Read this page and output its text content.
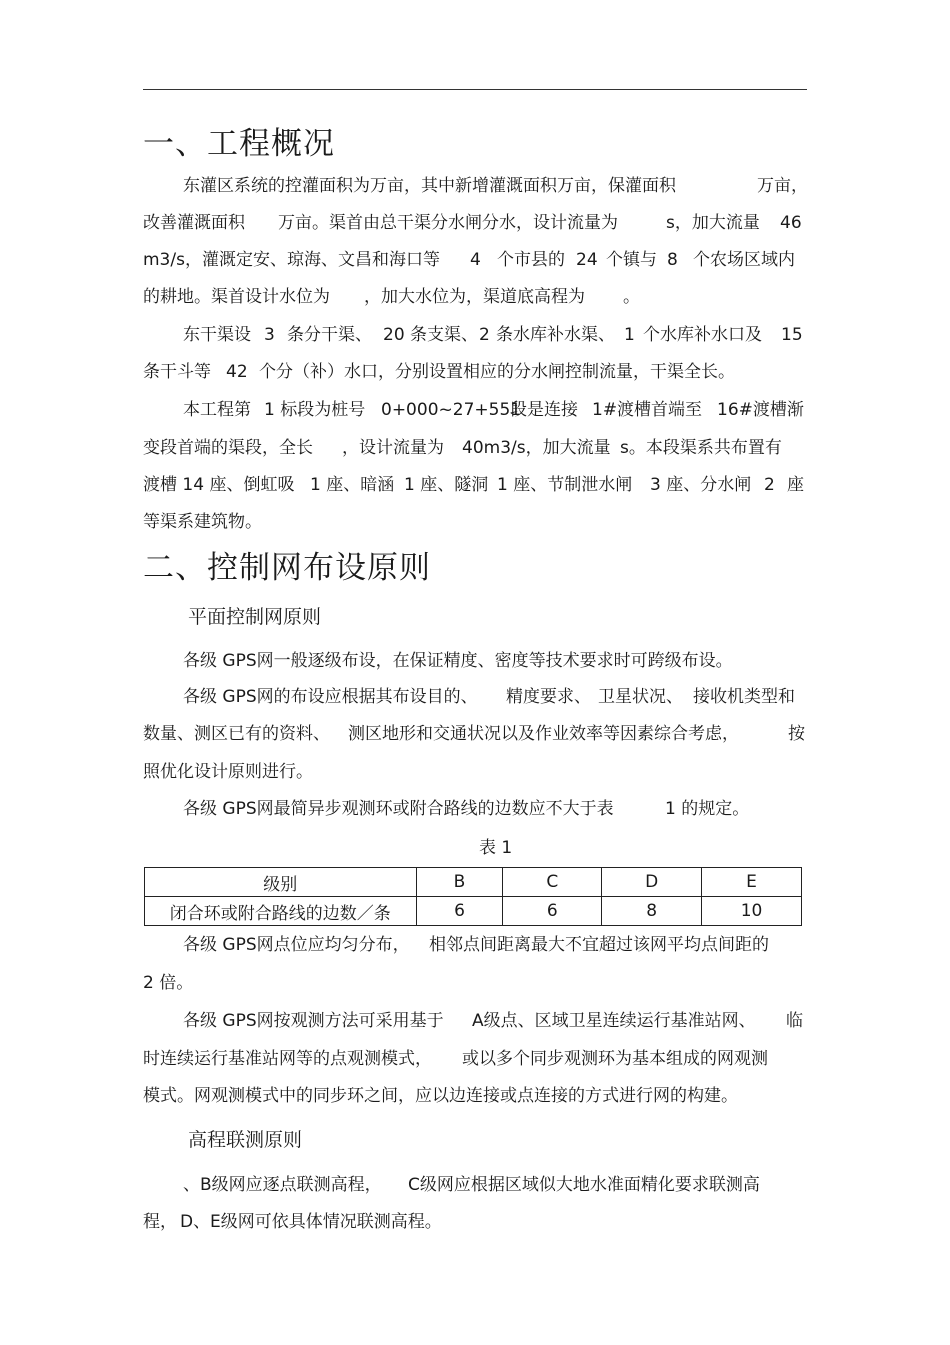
一、工程概况
东灌区系统的控灌面积为万亩，其中新增灌溉面积万亩，保灌面积	万亩，
改善灌溉面积 万亩。渠首由总干渠分水闸分水，设计流量为	s，加大流量 46
m3/s，灌溉定安、琼海、文昌和海口等 4 个市县的 24 个镇与 8 个农场区域内
的耕地。渠首设计水位为 ，加大水位为，渠道底高程为 。
东干渠设 3 条分干渠、 20 条支渠、 2 条水库补水渠、 1 个水库补水口及 15
条干斗等 42 个分（补）水口，分别设置相应的分水闸控制流量，干渠全长。
本工程第 1 标段为桩号 0+000~27+551
段是连接 1#渡槽首端至 16#渡槽渐
变段首端的渠段，全长 ，设计流量为 40m3/s，加大流量 s。本段渠系共布置有
渡槽 14 座、倒虹吸 1 座、暗涵 1 座、隧洞 1 座、节制泄水闸 3 座、分水闸 2 座
等渠系建筑物。
二、控制网布设原则
平面控制网原则
各级 GPS网一般逐级布设，在保证精度、密度等技术要求时可跨级布设。
各级 GPS网的布设应根据其布设目的、 精度要求、 卫星状况、 接收机类型和
数量、测区已有的资料、 测区地形和交通状况以及作业效率等因素综合考虑，	按
照优化设计原则进行。
各级 GPS网最简异步观测环或附合路线的边数应不大于表	1 的规定。
表 1
级别	B	C	D	E
闭合环或附合路线的边数／条	6	6	8	10
各级 GPS网点位应均匀分布， 相邻点间距离最大不宜超过该网平均点间距的
2 倍。
各级 GPS网按观测方法可采用基于 A级点、区域卫星连续运行基准站网、 临
时连续运行基准站网等的点观测模式， 或以多个同步观测环为基本组成的网观测
模式。网观测模式中的同步环之间，应以边连接或点连接的方式进行网的构建。
高程联测原则
、B级网应逐点联测高程， C级网应根据区域似大地水准面精化要求联测高
程， D、 E级网可依具体情况联测高程。
